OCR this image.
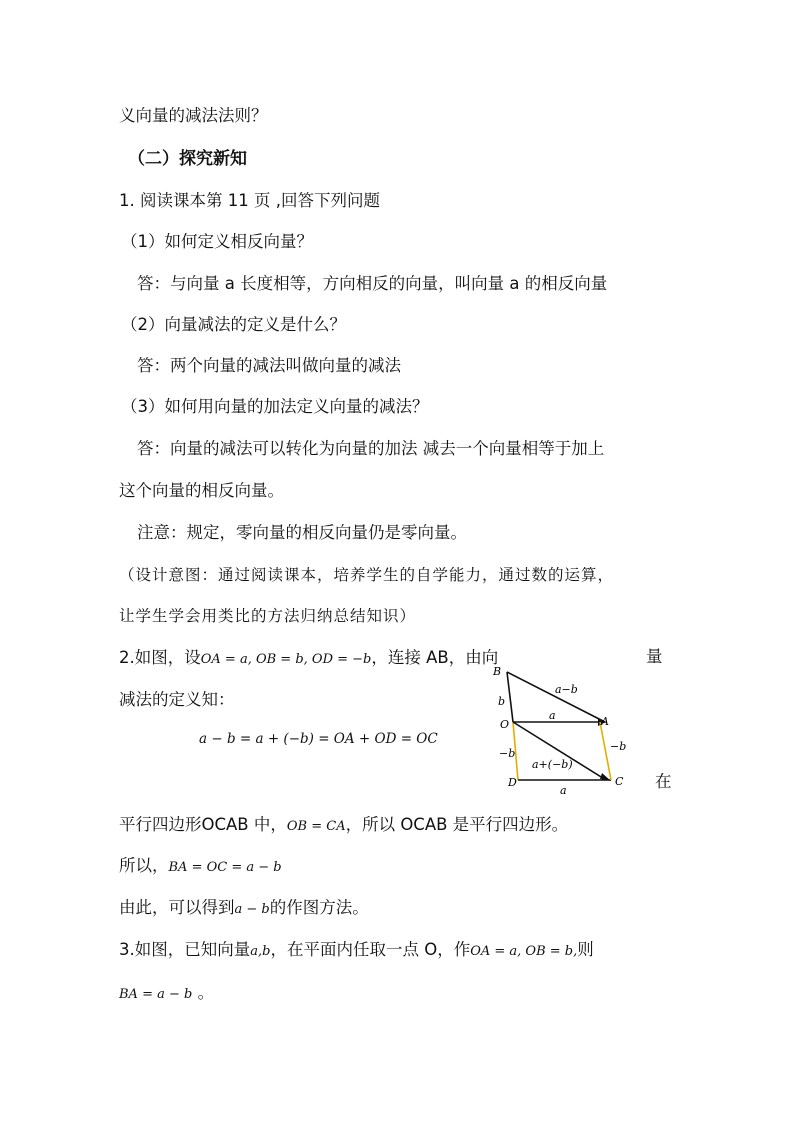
义向量的减法法则？
（二）探究新知
1. 阅读课本第 11 页 ,回答下列问题
（1）如何定义相反向量？
答：与向量 a 长度相等，方向相反的向量，叫向量 a 的相反向量
（2）向量减法的定义是什么？
答：两个向量的减法叫做向量的减法
（3）如何用向量的加法定义向量的减法？
答：向量的减法可以转化为向量的加法 减去一个向量相等于加上
这个向量的相反向量。
注意：规定，零向量的相反向量仍是零向量。
（设计意图：通过阅读课本，培养学生的自学能力，通过数的运算，
让学生学会用类比的方法归纳总结知识）
2.如图，设OA = a, OB = b, OD = −b，连接 AB，由向	量
减法的定义知：
a − b = a + (−b) = OA + OD = OC
在
B
O	A
D	C
a−b
a
b
−b
−b
a+(−b)
a
平行四边形OCAB 中，OB = CA，所以 OCAB 是平行四边形。
所以，BA = OC = a − b
由此，可以得到a − b的作图方法。
3.如图，已知向量a,b，在平面内任取一点 O，作OA = a, OB = b,则
BA = a − b 。
